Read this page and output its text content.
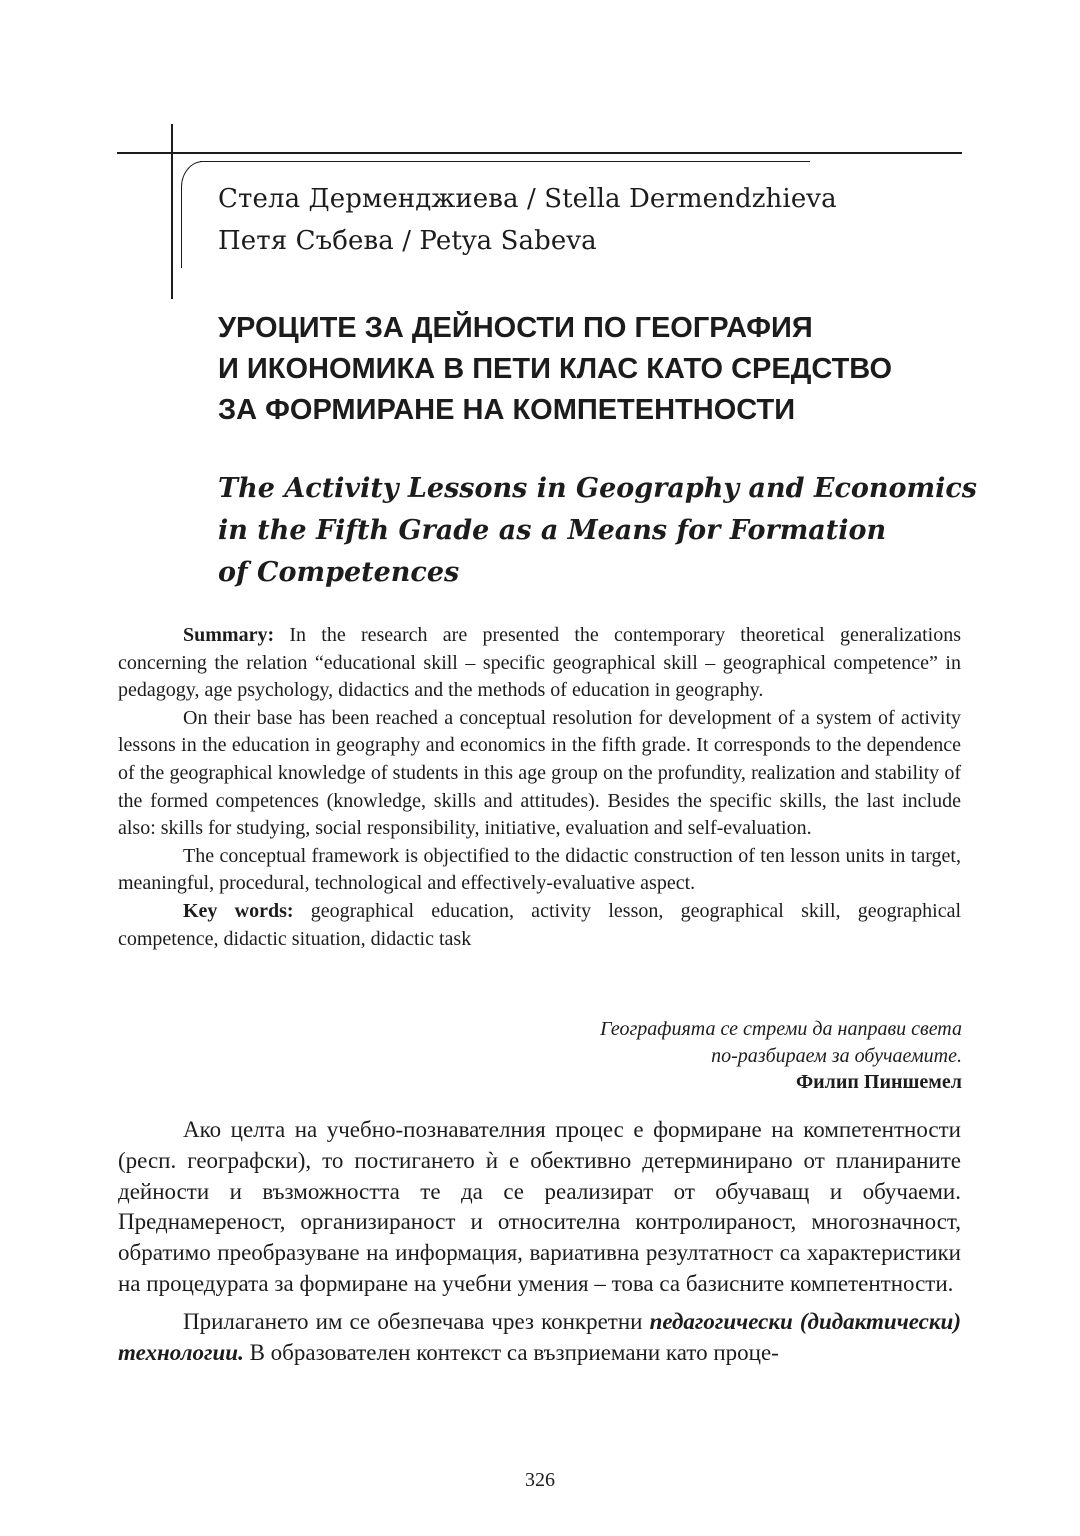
Стела Дерменджиева / Stella Dermendzhieva
Петя Събева / Petya Sabeva
УРОЦИТЕ ЗА ДЕЙНОСТИ ПО ГЕОГРАФИЯ
И ИКОНОМИКА В ПЕТИ КЛАС КАТО СРЕДСТВО
ЗА ФОРМИРАНЕ НА КОМПЕТЕНТНОСТИ
The Activity Lessons in Geography and Economics
in the Fifth Grade as a Means for Formation
of Competences

Summary: In the research are presented the contemporary theoretical generalizations concerning the relation “educational skill – specific geographical skill – geographical competence” in pedagogy, age psychology, didactics and the methods of education in geography.

On their base has been reached a conceptual resolution for development of a system of activity lessons in the education in geography and economics in the fifth grade. It corresponds to the dependence of the geographical knowledge of students in this age group on the profundity, realization and stability of the formed competences (knowledge, skills and attitudes). Besides the specific skills, the last include also: skills for studying, social responsibility, initiative, evaluation and self-evaluation.

The conceptual framework is objectified to the didactic construction of ten lesson units in target, meaningful, procedural, technological and effectively-evaluative aspect.

Key words: geographical education, activity lesson, geographical skill, geographical competence, didactic situation, didactic task

Географията се стреми да направи света
по-разбираем за обучаемите.
Филип Пиншемел

Ако целта на учебно-познавателния процес е формиране на компетентности (респ. географски), то постигането ѝ е обективно детерминирано от планираните дейности и възможността те да се реализират от обучаващ и обучаеми. Преднамереност, организираност и относителна контролираност, многозначност, обратимо преобразуване на информация, вариативна резултатност са характеристики на процедурата за формиране на учебни умения – това са базисните компетентности.

Прилагането им се обезпечава чрез конкретни педагогически (дидактически) технологии. В образователен контекст са възприемани като проце-

326
